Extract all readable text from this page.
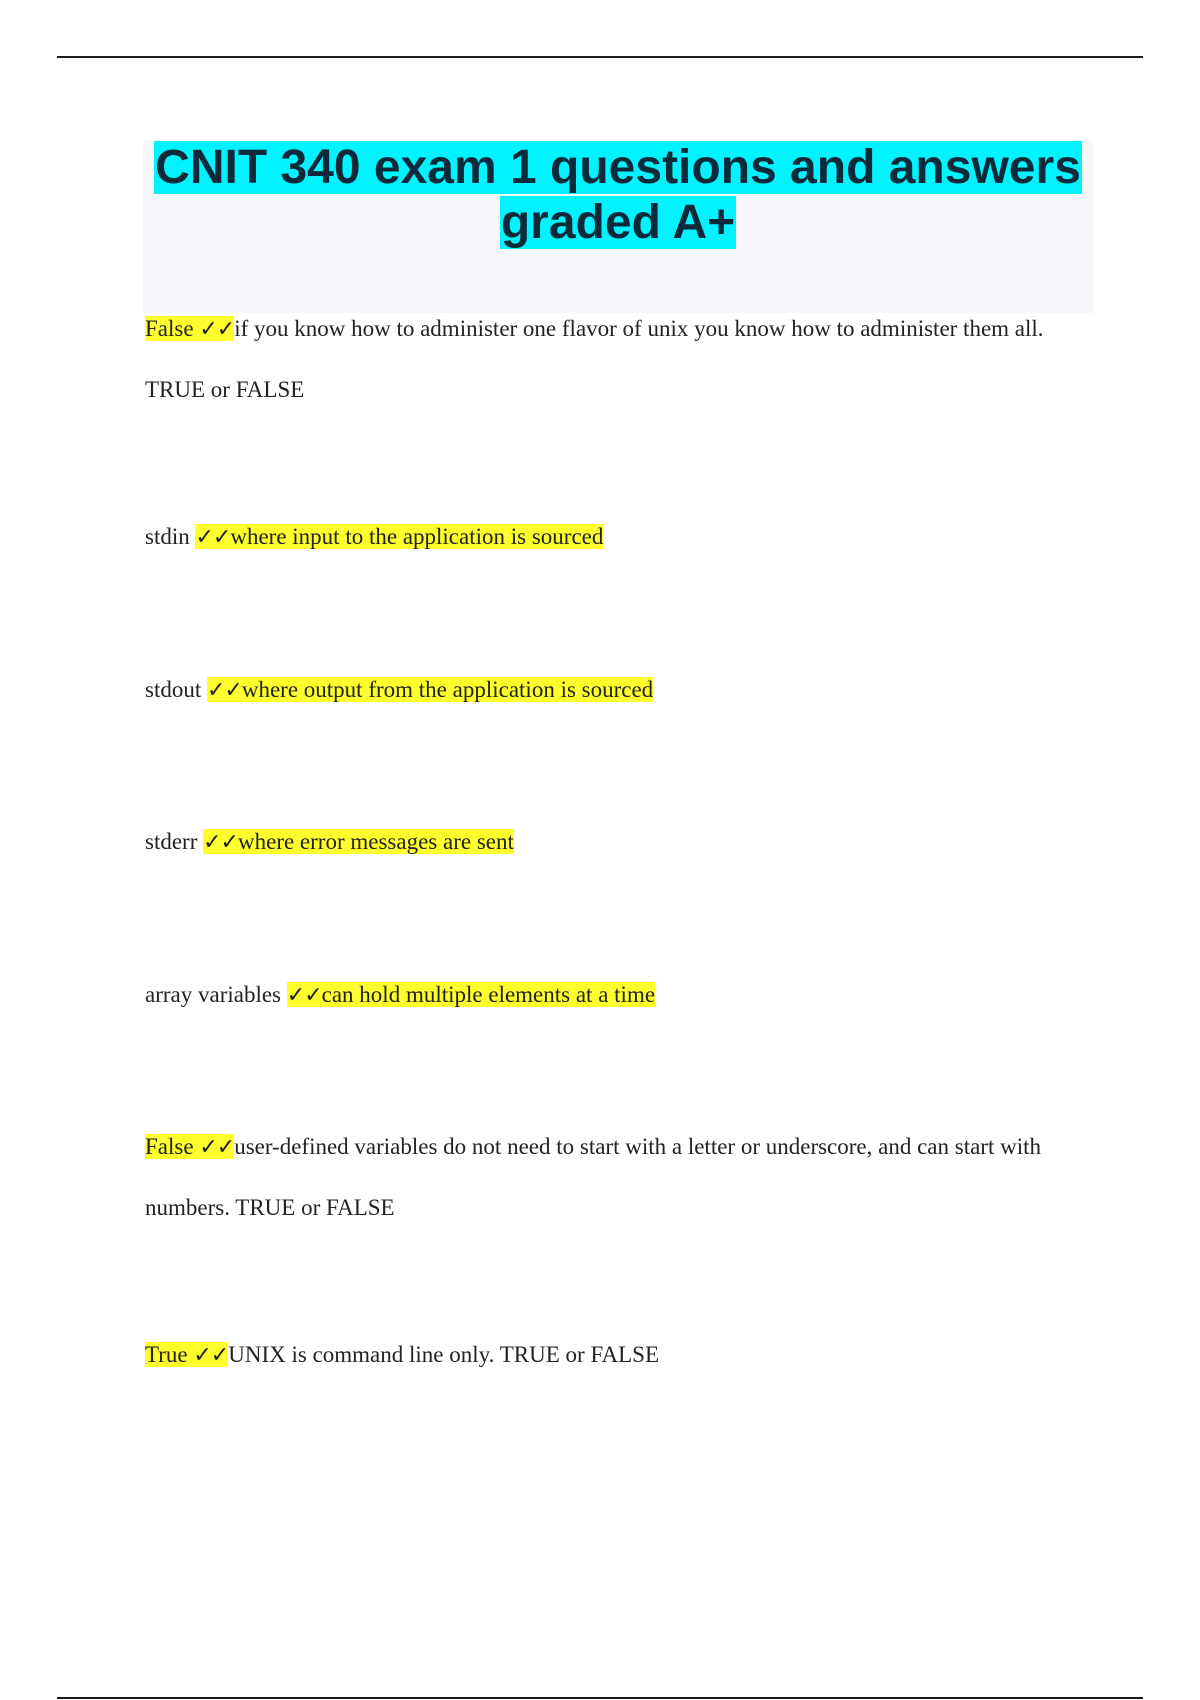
CNIT 340 exam 1 questions and answers
graded A+

False ✓✓if you know how to administer one flavor of unix you know how to administer them all. TRUE or FALSE

stdin ✓✓where input to the application is sourced

stdout ✓✓where output from the application is sourced

stderr ✓✓where error messages are sent

array variables ✓✓can hold multiple elements at a time

False ✓✓user-defined variables do not need to start with a letter or underscore, and can start with numbers. TRUE or FALSE

True ✓✓UNIX is command line only. TRUE or FALSE
